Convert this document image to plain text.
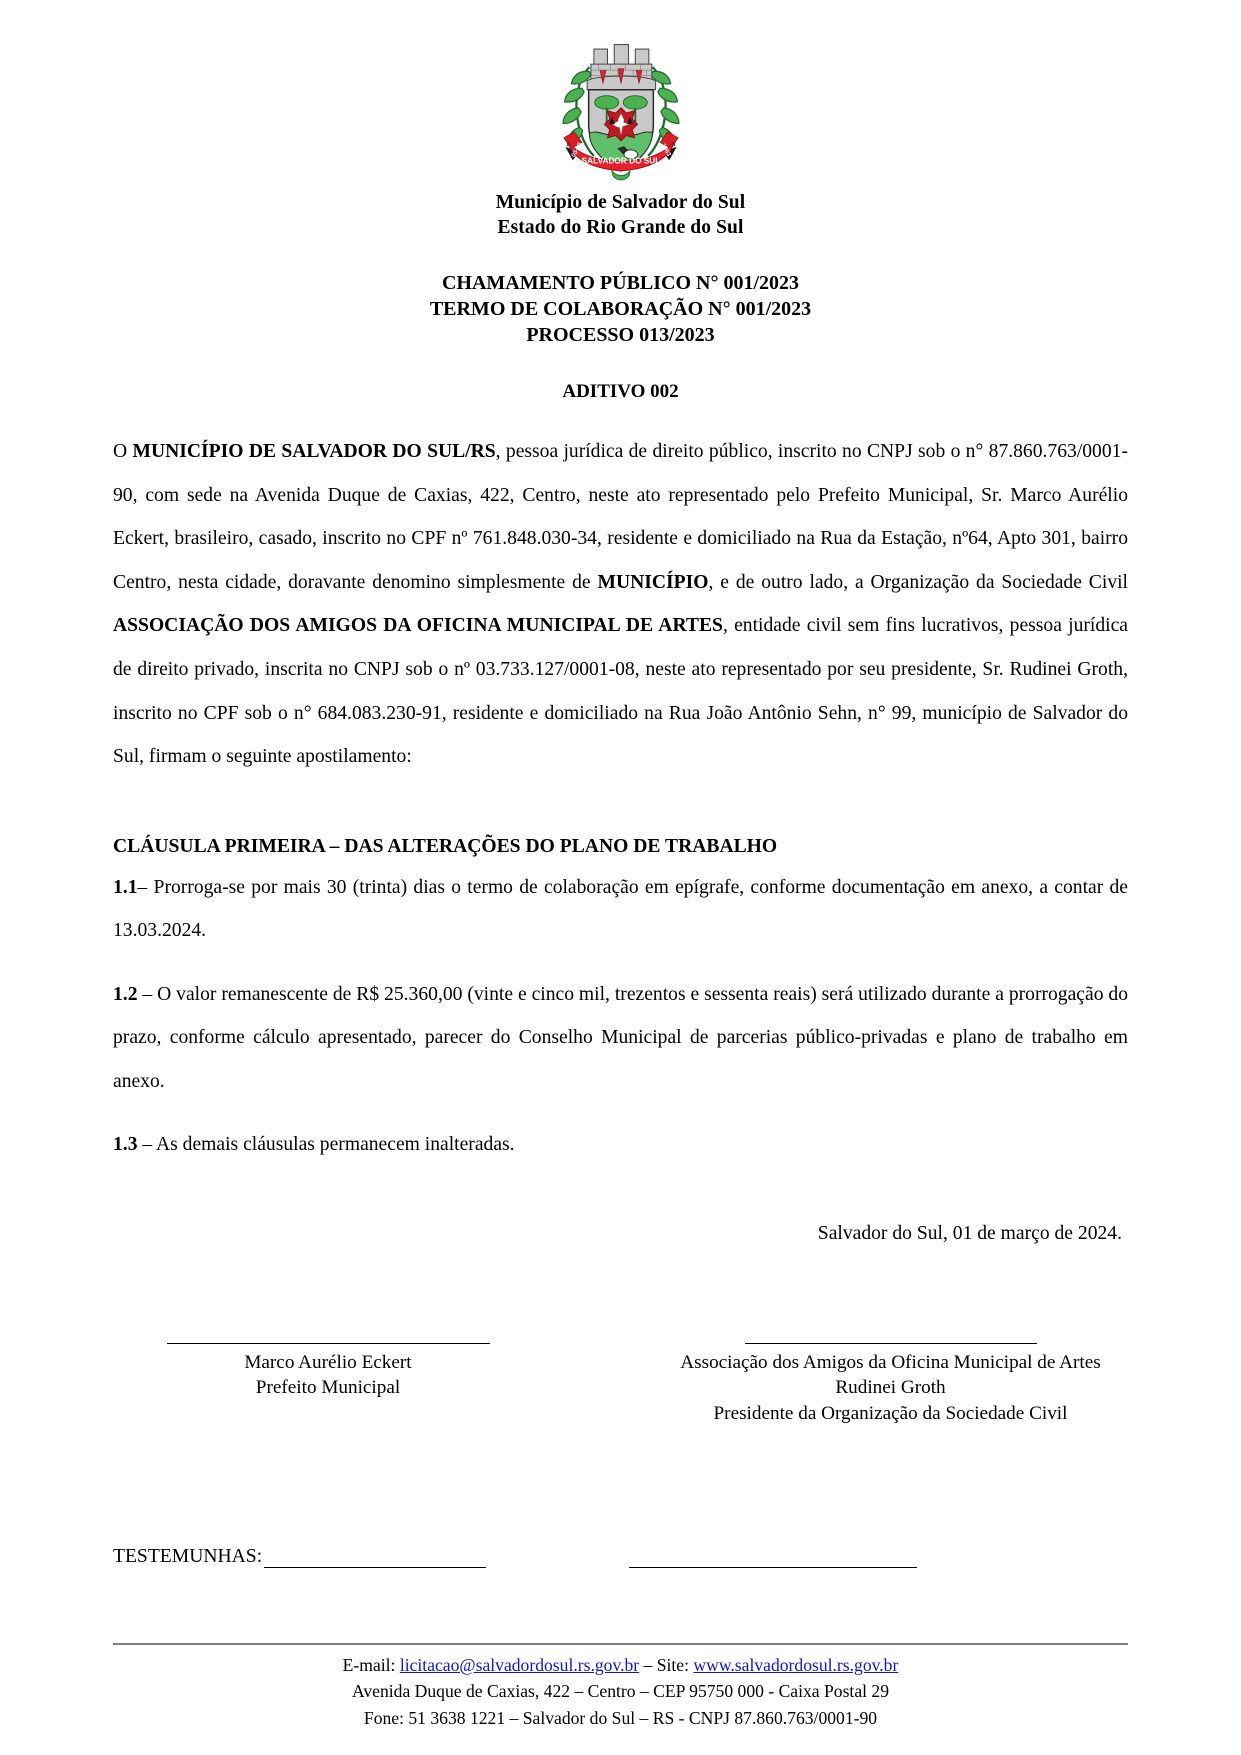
SALVADOR DO SUL
03-10	1963
Município de Salvador do Sul
Estado do Rio Grande do Sul
CHAMAMENTO PÚBLICO N° 001/2023
TERMO DE COLABORAÇÃO N° 001/2023
PROCESSO 013/2023
ADITIVO 002

O MUNICÍPIO DE SALVADOR DO SUL/RS, pessoa jurídica de direito público, inscrito no CNPJ sob o n° 87.860.763/0001-90, com sede na Avenida Duque de Caxias, 422, Centro, neste ato representado pelo Prefeito Municipal, Sr. Marco Aurélio Eckert, brasileiro, casado, inscrito no CPF nº 761.848.030-34, residente e domiciliado na Rua da Estação, nº64, Apto 301, bairro Centro, nesta cidade, doravante denomino simplesmente de MUNICÍPIO, e de outro lado, a Organização da Sociedade Civil ASSOCIAÇÃO DOS AMIGOS DA OFICINA MUNICIPAL DE ARTES, entidade civil sem fins lucrativos, pessoa jurídica de direito privado, inscrita no CNPJ sob o nº 03.733.127/0001-08, neste ato representado por seu presidente, Sr. Rudinei Groth, inscrito no CPF sob o n° 684.083.230-91, residente e domiciliado na Rua João Antônio Sehn, n° 99, município de Salvador do Sul, firmam o seguinte apostilamento:

CLÁUSULA PRIMEIRA – DAS ALTERAÇÕES DO PLANO DE TRABALHO

1.1– Prorroga-se por mais 30 (trinta) dias o termo de colaboração em epígrafe, conforme documentação em anexo, a contar de 13.03.2024.

1.2 – O valor remanescente de R$ 25.360,00 (vinte e cinco mil, trezentos e sessenta reais) será utilizado durante a prorrogação do prazo, conforme cálculo apresentado, parecer do Conselho Municipal de parcerias público-privadas e plano de trabalho em anexo.

1.3 – As demais cláusulas permanecem inalteradas.

Salvador do Sul, 01 de março de 2024.
Marco Aurélio Eckert
Prefeito Municipal
Associação dos Amigos da Oficina Municipal de Artes
Rudinei Groth
Presidente da Organização da Sociedade Civil
TESTEMUNHAS:
E-mail: licitacao@salvadordosul.rs.gov.br – Site: www.salvadordosul.rs.gov.br
Avenida Duque de Caxias, 422 – Centro – CEP 95750 000 - Caixa Postal 29
Fone: 51 3638 1221 – Salvador do Sul – RS - CNPJ 87.860.763/0001-90
